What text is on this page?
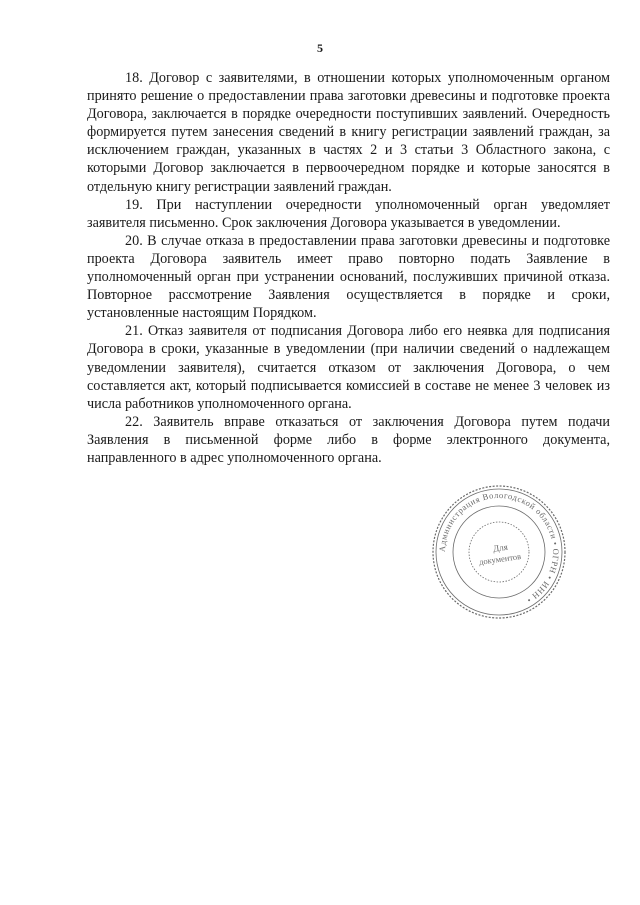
5

18. Договор с заявителями, в отношении которых уполномоченным органом принято решение о предоставлении права заготовки древесины и подготовке проекта Договора, заключается в порядке очередности поступивших заявлений. Очередность формируется путем занесения сведений в книгу регистрации заявлений граждан, за исключением граждан, указанных в частях 2 и 3 статьи 3 Областного закона, с которыми Договор заключается в первоочередном порядке и которые заносятся в отдельную книгу регистрации заявлений граждан.

19. При наступлении очередности уполномоченный орган уведомляет заявителя письменно. Срок заключения Договора указывается в уведомлении.

20. В случае отказа в предоставлении права заготовки древесины и подготовке проекта Договора заявитель имеет право повторно подать Заявление в уполномоченный орган при устранении оснований, послуживших причиной отказа. Повторное рассмотрение Заявления осуществляется в порядке и сроки, установленные настоящим Порядком.

21. Отказ заявителя от подписания Договора либо его неявка для подписания Договора в сроки, указанные в уведомлении (при наличии сведений о надлежащем уведомлении заявителя), считается отказом от заключения Договора, о чем составляется акт, который подписывается комиссией в составе не менее 3 человек из числа работников уполномоченного органа.

22. Заявитель вправе отказаться от заключения Договора путем подачи Заявления в письменной форме либо в форме электронного документа, направленного в адрес уполномоченного органа.

Администрация Вологодской области • ОГРН • ИНН •
Для
документов
